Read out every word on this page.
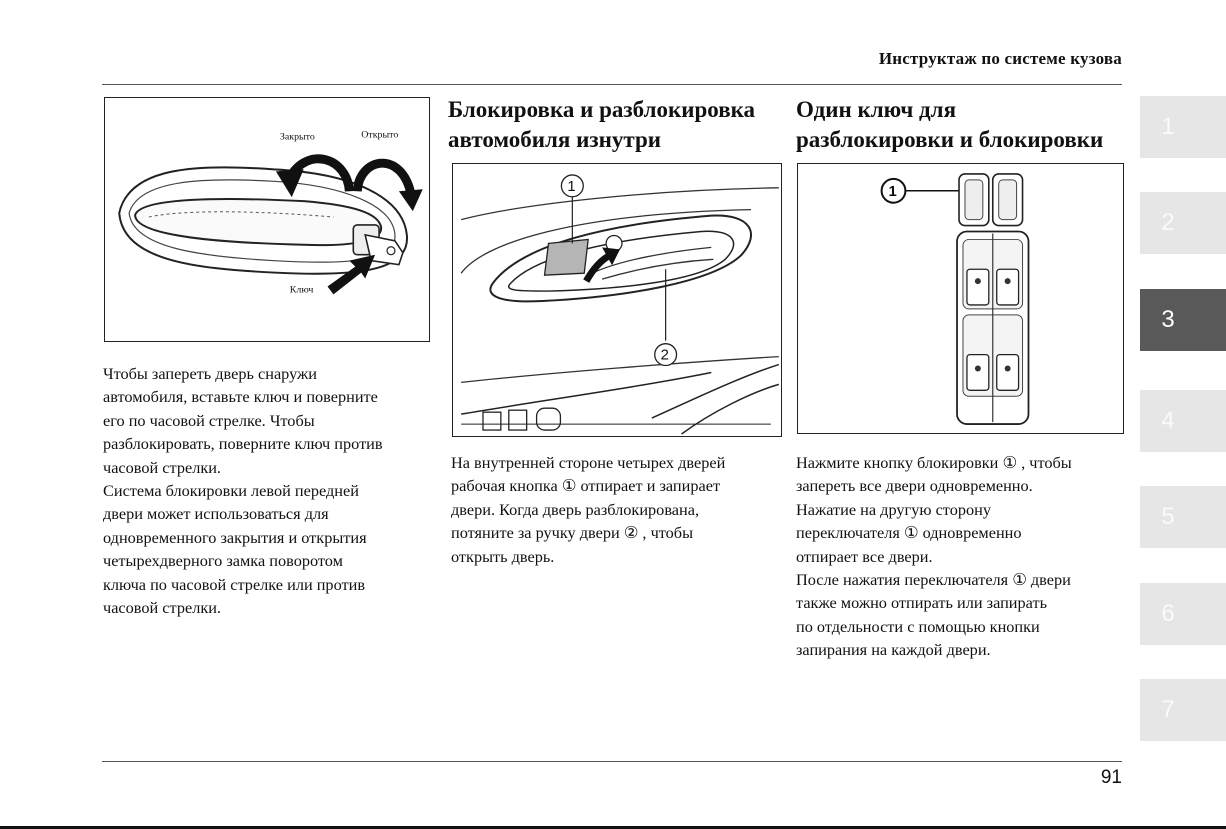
Инструктаж по системе кузова
Закрыто	Открыто
Ключ

Чтобы запереть дверь снаружи

автомобиля, вставьте ключ и поверните

его по часовой стрелке. Чтобы

разблокировать, поверните ключ против

часовой стрелки.

Система блокировки левой передней

двери может использоваться для

одновременного закрытия и открытия

четырехдверного замка поворотом

ключа по часовой стрелке или против

часовой стрелки.

Блокировка и разблокировка
автомобиля изнутри
1
2

На внутренней стороне четырех дверей

рабочая кнопка ① отпирает и запирает

двери. Когда дверь разблокирована,

потяните за ручку двери ② , чтобы

открыть дверь.

Один ключ для
разблокировки и блокировки
1

Нажмите кнопку блокировки ① , чтобы

запереть все двери одновременно.

Нажатие на другую сторону

переключателя ① одновременно

отпирает все двери.

После нажатия переключателя ① двери

также можно отпирать или запирать

по отдельности с помощью кнопки

запирания на каждой двери.

1
2
3
4
5
6
7
91
